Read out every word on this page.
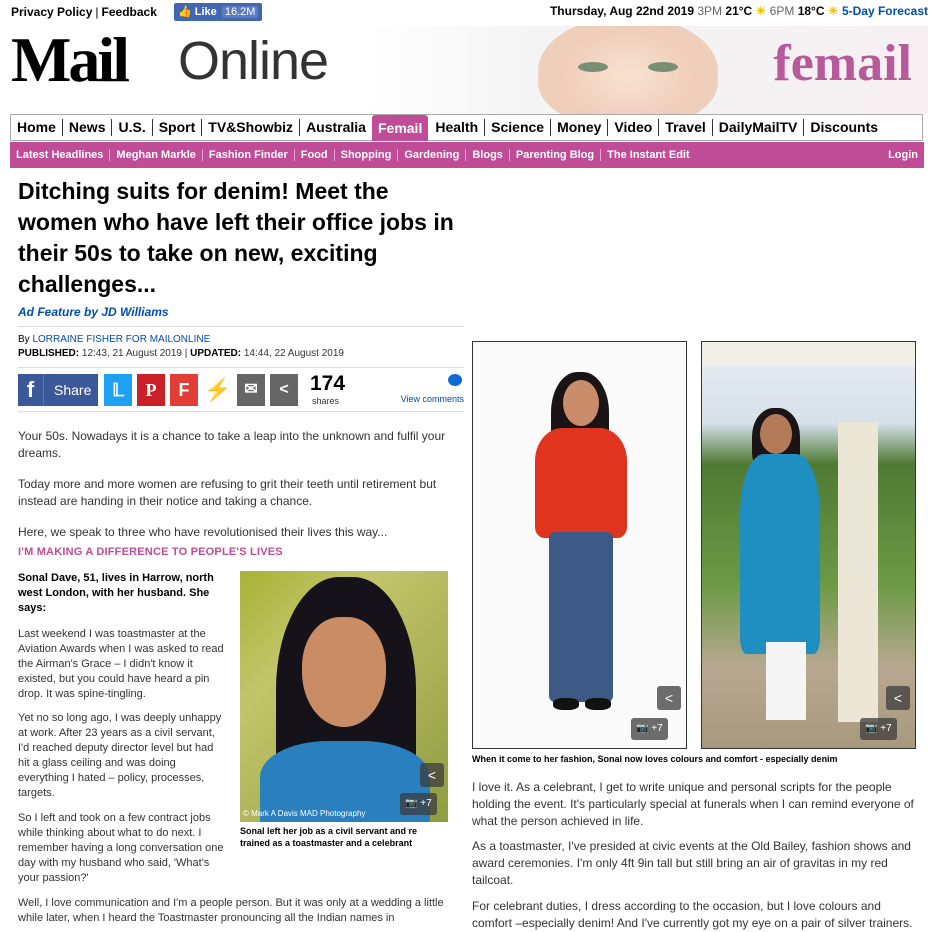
Privacy Policy | Feedback	👍 Like 16.2M	Thursday, Aug 22nd 2019 3PM 21°C ☀ 6PM 18°C ☀ 5-Day Forecast
Mail Online	femail
Home News U.S. Sport TV&Showbiz Australia Femail Health Science Money Video Travel DailyMailTV Discounts
Latest Headlines	Meghan Markle	Fashion Finder	Food	Shopping	Gardening	Blogs	Parenting Blog	The Instant Edit	Login
Ditching suits for denim! Meet the women who have left their office jobs in their 50s to take on new, exciting challenges...
Ad Feature by JD Williams
By LORRAINE FISHER FOR MAILONLINE
PUBLISHED: 12:43, 21 August 2019 | UPDATED: 14:44, 22 August 2019
f	Share	𝕃	P	F ⚡ ✉	<	174
shares	View comments

Your 50s. Nowadays it is a chance to take a leap into the unknown and fulfil your dreams.

Today more and more women are refusing to grit their teeth until retirement but instead are handing in their notice and taking a chance.

Here, we speak to three who have revolutionised their lives this way...

I'M MAKING A DIFFERENCE TO PEOPLE'S LIVES

Sonal Dave, 51, lives in Harrow, north west London, with her husband. She says:

Last weekend I was toastmaster at the Aviation Awards when I was asked to read the Airman's Grace – I didn't know it existed, but you could have heard a pin drop. It was spine-tingling.

Yet no so long ago, I was deeply unhappy at work. After 23 years as a civil servant, I'd reached deputy director level but had hit a glass ceiling and was doing everything I hated – policy, processes, targets.

So I left and took on a few contract jobs while thinking about what to do next. I remember having a long conversation one day with my husband who said, 'What's your passion?'

Well, I love communication and I'm a people person. But it was only at a wedding a little while later, when I heard the Toastmaster pronouncing all the Indian names in

<
📷 +7
© Mark A Davis MAD Photography
Sonal left her job as a civil servant and re trained as a toastmaster and a celebrant
<
📷 +7
<
📷 +7
When it come to her fashion, Sonal now loves colours and comfort - especially denim

I love it. As a celebrant, I get to write unique and personal scripts for the people holding the event. It's particularly special at funerals when I can remind everyone of what the person achieved in life.

As a toastmaster, I've presided at civic events at the Old Bailey, fashion shows and award ceremonies. I'm only 4ft 9in tall but still bring an air of gravitas in my red tailcoat.

For celebrant duties, I dress according to the occasion, but I love colours and comfort –especially denim! And I've currently got my eye on a pair of silver trainers.
